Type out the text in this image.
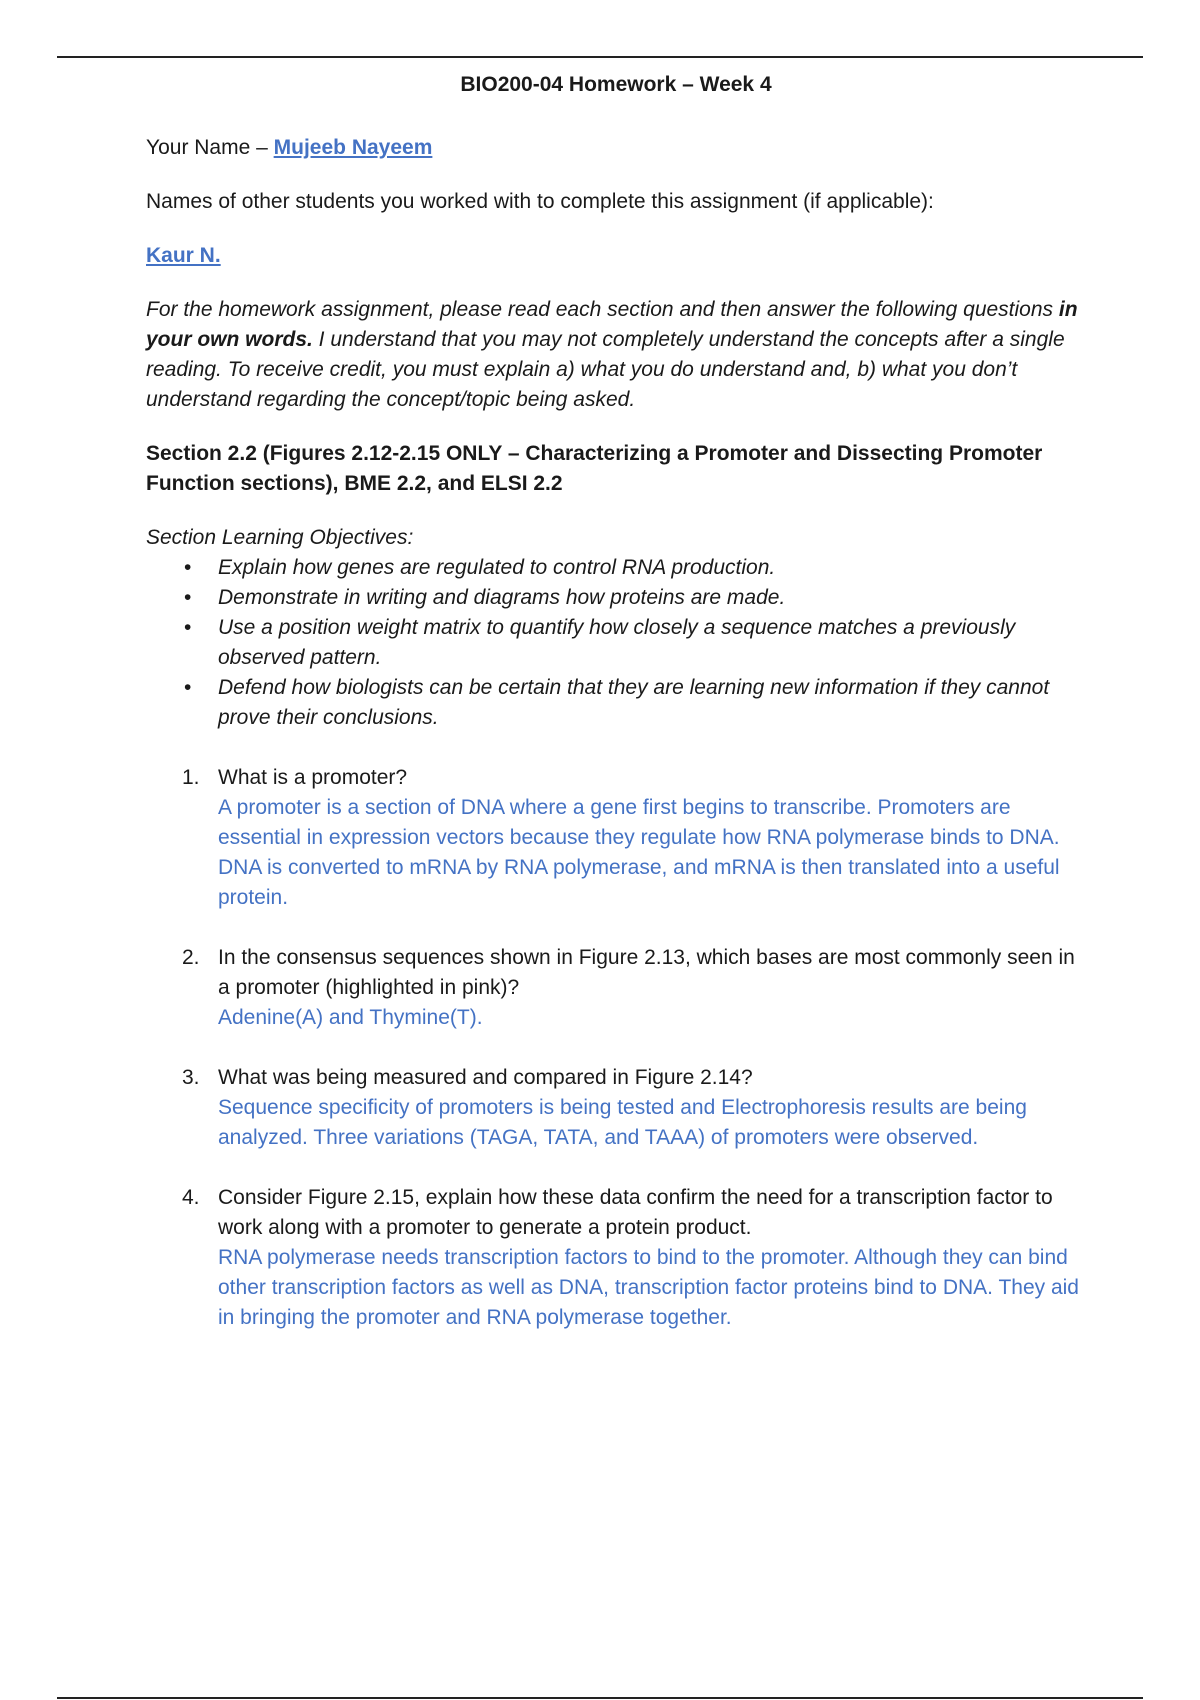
BIO200-04 Homework – Week 4

Your Name – Mujeeb Nayeem

Names of other students you worked with to complete this assignment (if applicable):

Kaur N.

For the homework assignment, please read each section and then answer the following questions in your own words. I understand that you may not completely understand the concepts after a single reading. To receive credit, you must explain a) what you do understand and, b) what you don’t understand regarding the concept/topic being asked.

Section 2.2 (Figures 2.12-2.15 ONLY – Characterizing a Promoter and Dissecting Promoter Function sections), BME 2.2, and ELSI 2.2

Section Learning Objectives:

• Explain how genes are regulated to control RNA production.
• Demonstrate in writing and diagrams how proteins are made.
• Use a position weight matrix to quantify how closely a sequence matches a previously observed pattern.
• Defend how biologists can be certain that they are learning new information if they cannot prove their conclusions.
1. What is a promoter?
A promoter is a section of DNA where a gene first begins to transcribe. Promoters are essential in expression vectors because they regulate how RNA polymerase binds to DNA. DNA is converted to mRNA by RNA polymerase, and mRNA is then translated into a useful protein.
2. In the consensus sequences shown in Figure 2.13, which bases are most commonly seen in a promoter (highlighted in pink)?
Adenine(A) and Thymine(T).
3. What was being measured and compared in Figure 2.14?
Sequence specificity of promoters is being tested and Electrophoresis results are being analyzed. Three variations (TAGA, TATA, and TAAA) of promoters were observed.
4. Consider Figure 2.15, explain how these data confirm the need for a transcription factor to work along with a promoter to generate a protein product.
RNA polymerase needs transcription factors to bind to the promoter. Although they can bind other transcription factors as well as DNA, transcription factor proteins bind to DNA. They aid in bringing the promoter and RNA polymerase together.
